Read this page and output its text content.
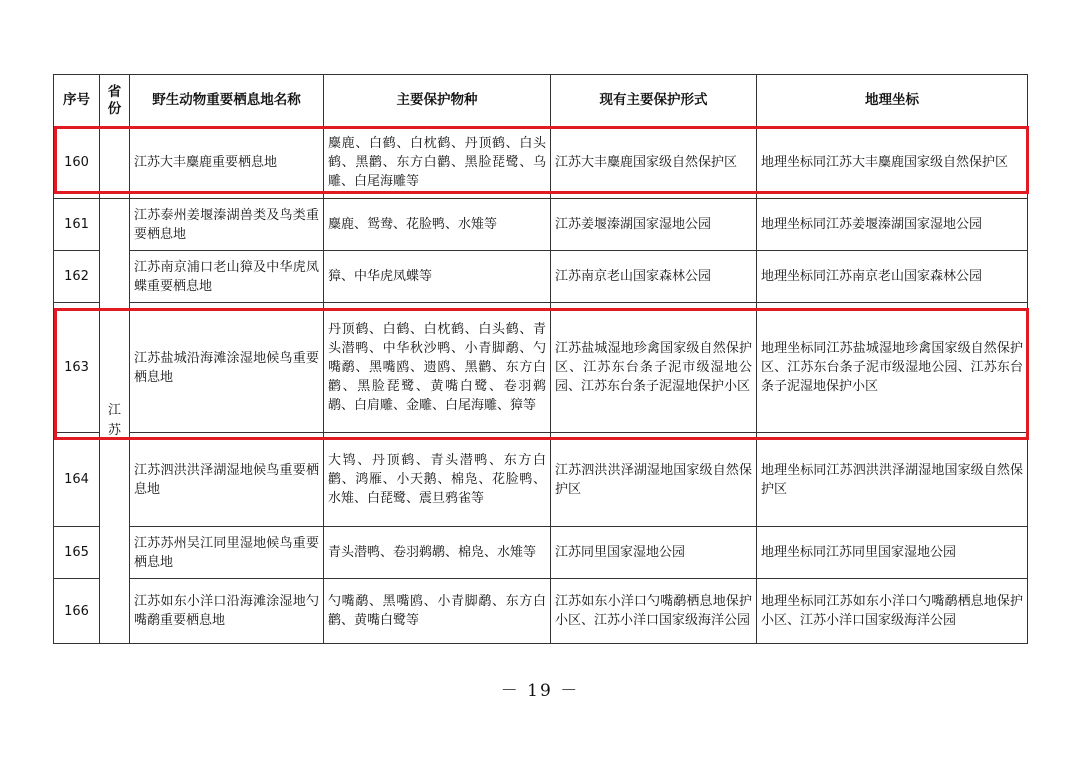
序号	省份	野生动物重要栖息地名称	主要保护物种	现有主要保护形式	地理坐标
160		江苏大丰麋鹿重要栖息地	麋鹿、白鹤、白枕鹤、丹顶鹤、白头鹤、黑鹳、东方白鹳、黑脸琵鹭、乌雕、白尾海雕等	江苏大丰麋鹿国家级自然保护区	地理坐标同江苏大丰麋鹿国家级自然保护区
161	江苏	江苏泰州姜堰溱湖兽类及鸟类重要栖息地	麋鹿、鸳鸯、花脸鸭、水雉等	江苏姜堰溱湖国家湿地公园	地理坐标同江苏姜堰溱湖国家湿地公园
162		江苏南京浦口老山獐及中华虎凤蝶重要栖息地	獐、中华虎凤蝶等	江苏南京老山国家森林公园	地理坐标同江苏南京老山国家森林公园
163		江苏盐城沿海滩涂湿地候鸟重要栖息地	丹顶鹤、白鹤、白枕鹤、白头鹤、青头潜鸭、中华秋沙鸭、小青脚鹬、勺嘴鹬、黑嘴鸥、遗鸥、黑鹳、东方白鹳、黑脸琵鹭、黄嘴白鹭、卷羽鹈鹕、白肩雕、金雕、白尾海雕、獐等	江苏盐城湿地珍禽国家级自然保护区、江苏东台条子泥市级湿地公园、江苏东台条子泥湿地保护小区	地理坐标同江苏盐城湿地珍禽国家级自然保护区、江苏东台条子泥市级湿地公园、江苏东台条子泥湿地保护小区
164		江苏泗洪洪泽湖湿地候鸟重要栖息地	大鸨、丹顶鹤、青头潜鸭、东方白鹳、鸿雁、小天鹅、棉凫、花脸鸭、水雉、白琵鹭、震旦鸦雀等	江苏泗洪洪泽湖湿地国家级自然保护区	地理坐标同江苏泗洪洪泽湖湿地国家级自然保护区
165		江苏苏州吴江同里湿地候鸟重要栖息地	青头潜鸭、卷羽鹈鹕、棉凫、水雉等	江苏同里国家湿地公园	地理坐标同江苏同里国家湿地公园
166		江苏如东小洋口沿海滩涂湿地勺嘴鹬重要栖息地	勺嘴鹬、黑嘴鸥、小青脚鹬、东方白鹳、黄嘴白鹭等	江苏如东小洋口勺嘴鹬栖息地保护小区、江苏小洋口国家级海洋公园	地理坐标同江苏如东小洋口勺嘴鹬栖息地保护小区、江苏小洋口国家级海洋公园
－ 19 －
